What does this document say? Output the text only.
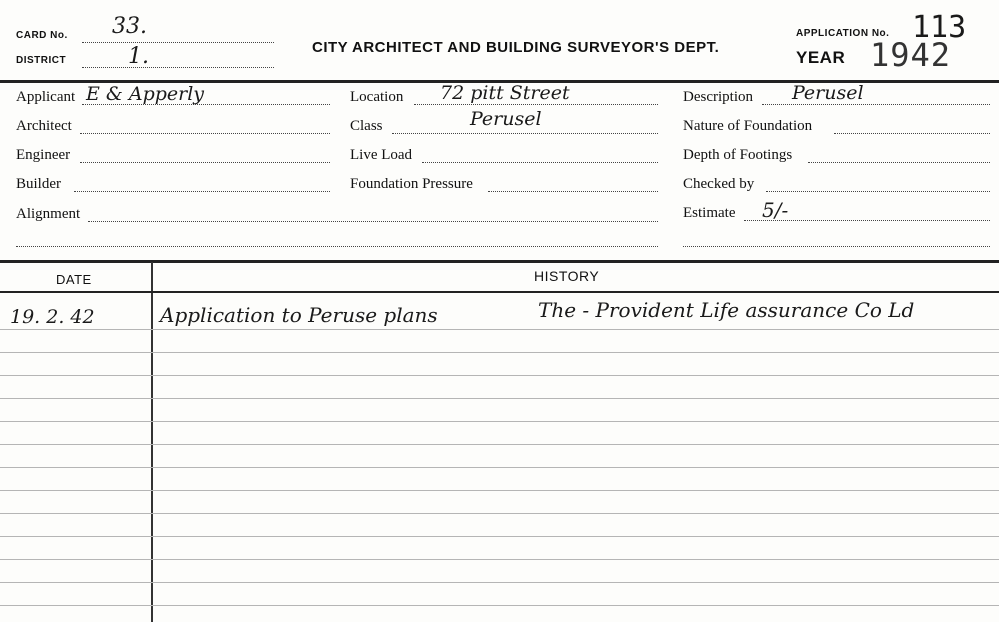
CARD No. 33.
DISTRICT	1.	CITY ARCHITECT AND BUILDING SURVEYOR'S DEPT.
APPLICATION No. 113
YEAR 1942
Applicant E & Apperly
Architect
Engineer
Builder
Alignment
Location 72 pitt Street
Class	Perusel
Live Load
Foundation Pressure
Description Perusel
Nature of Foundation
Depth of Footings
Checked by
Estimate 5/-
DATE	HISTORY
19. 2. 42	Application to Peruse plans	The - Provident Life assurance Co Ld
